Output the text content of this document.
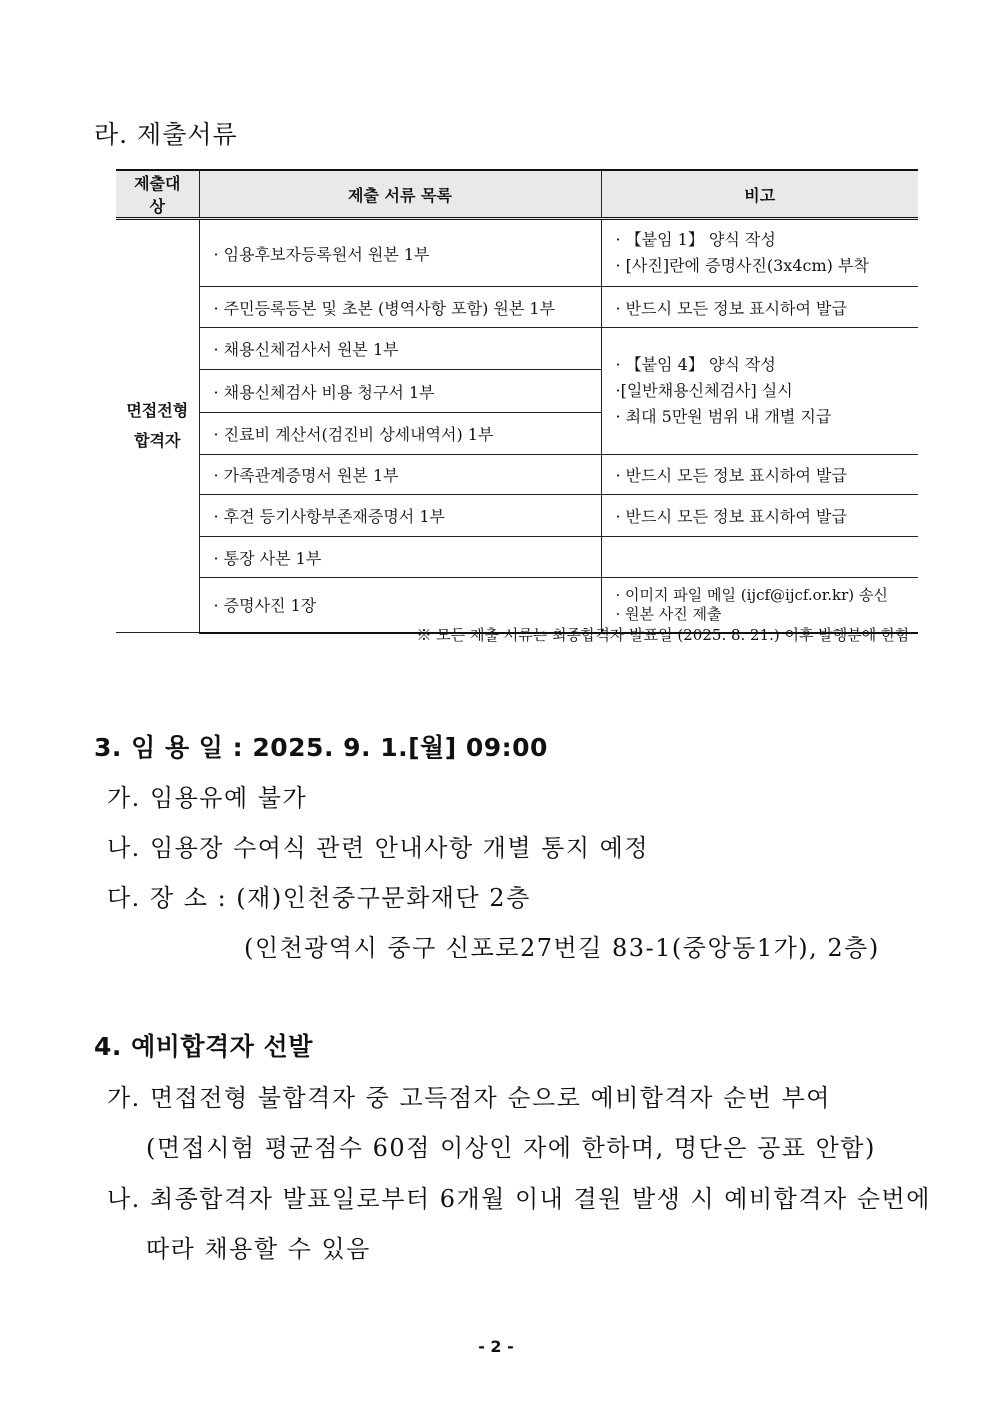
라. 제출서류
제출대상	제출 서류 목록	비고

면접전형
합격자	· 임용후보자등록원서 원본 1부	· 【붙임 1】 양식 작성
· [사진]란에 증명사진(3x4cm) 부착

	· 주민등록등본 및 초본 (병역사항 포함) 원본 1부	· 반드시 모든 정보 표시하여 발급
	· 채용신체검사서 원본 1부	· 【붙임 4】 양식 작성
·[일반채용신체검사] 실시
· 최대 5만원 범위 내 개별 지급

	· 채용신체검사 비용 청구서 1부	
	· 진료비 계산서(검진비 상세내역서) 1부	
	· 가족관계증명서 원본 1부	· 반드시 모든 정보 표시하여 발급
	· 후견 등기사항부존재증명서 1부	· 반드시 모든 정보 표시하여 발급
	· 통장 사본 1부	
	· 증명사진 1장	· 이미지 파일 메일 (ijcf@ijcf.or.kr) 송신
· 원본 사진 제출
※ 모든 제출 서류는 최종합격자 발표일 (2025. 8. 21.) 이후 발행분에 한함
3. 임 용 일 : 2025. 9. 1.[월] 09:00
가. 임용유예 불가
나. 임용장 수여식 관련 안내사항 개별 통지 예정
다. 장 소 : (재)인천중구문화재단 2층
(인천광역시 중구 신포로27번길 83-1(중앙동1가), 2층)
4. 예비합격자 선발
가. 면접전형 불합격자 중 고득점자 순으로 예비합격자 순번 부여
(면접시험 평균점수 60점 이상인 자에 한하며, 명단은 공표 안함)
나. 최종합격자 발표일로부터 6개월 이내 결원 발생 시 예비합격자 순번에
따라 채용할 수 있음
- 2 -
